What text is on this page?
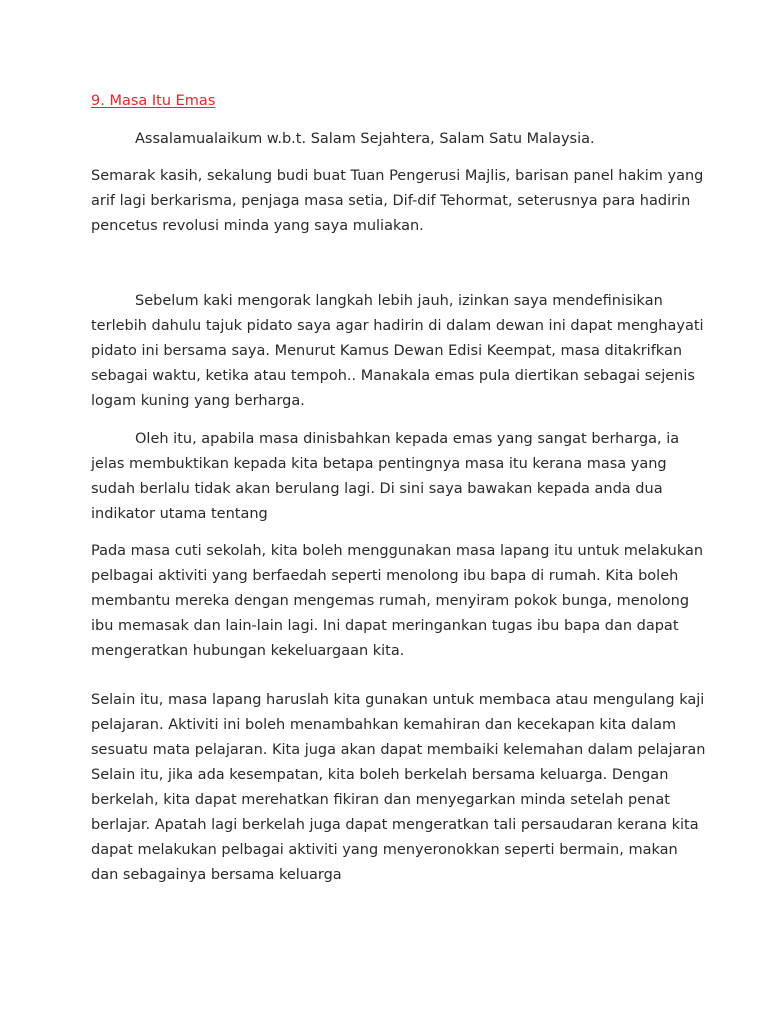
9. Masa Itu Emas

Assalamualaikum w.b.t. Salam Sejahtera, Salam Satu Malaysia.

Semarak kasih, sekalung budi buat Tuan Pengerusi Majlis, barisan panel hakim yang
arif lagi berkarisma, penjaga masa setia, Dif-dif Tehormat, seterusnya para hadirin
pencetus revolusi minda yang saya muliakan.

Sebelum kaki mengorak langkah lebih jauh, izinkan saya mendefinisikan
terlebih dahulu tajuk pidato saya agar hadirin di dalam dewan ini dapat menghayati
pidato ini bersama saya. Menurut Kamus Dewan Edisi Keempat, masa ditakrifkan
sebagai waktu, ketika atau tempoh.. Manakala emas pula diertikan sebagai sejenis
logam kuning yang berharga.

Oleh itu, apabila masa dinisbahkan kepada emas yang sangat berharga, ia
jelas membuktikan kepada kita betapa pentingnya masa itu kerana masa yang
sudah berlalu tidak akan berulang lagi. Di sini saya bawakan kepada anda dua
indikator utama tentang

Pada masa cuti sekolah, kita boleh menggunakan masa lapang itu untuk melakukan
pelbagai aktiviti yang berfaedah seperti menolong ibu bapa di rumah. Kita boleh
membantu mereka dengan mengemas rumah, menyiram pokok bunga, menolong
ibu memasak dan lain-lain lagi. Ini dapat meringankan tugas ibu bapa dan dapat
mengeratkan hubungan kekeluargaan kita.

Selain itu, masa lapang haruslah kita gunakan untuk membaca atau mengulang kaji
pelajaran. Aktiviti ini boleh menambahkan kemahiran dan kecekapan kita dalam
sesuatu mata pelajaran. Kita juga akan dapat membaiki kelemahan dalam pelajaran
Selain itu, jika ada kesempatan, kita boleh berkelah bersama keluarga. Dengan
berkelah, kita dapat merehatkan fikiran dan menyegarkan minda setelah penat
berlajar. Apatah lagi berkelah juga dapat mengeratkan tali persaudaran kerana kita
dapat melakukan pelbagai aktiviti yang menyeronokkan seperti bermain, makan
dan sebagainya bersama keluarga
